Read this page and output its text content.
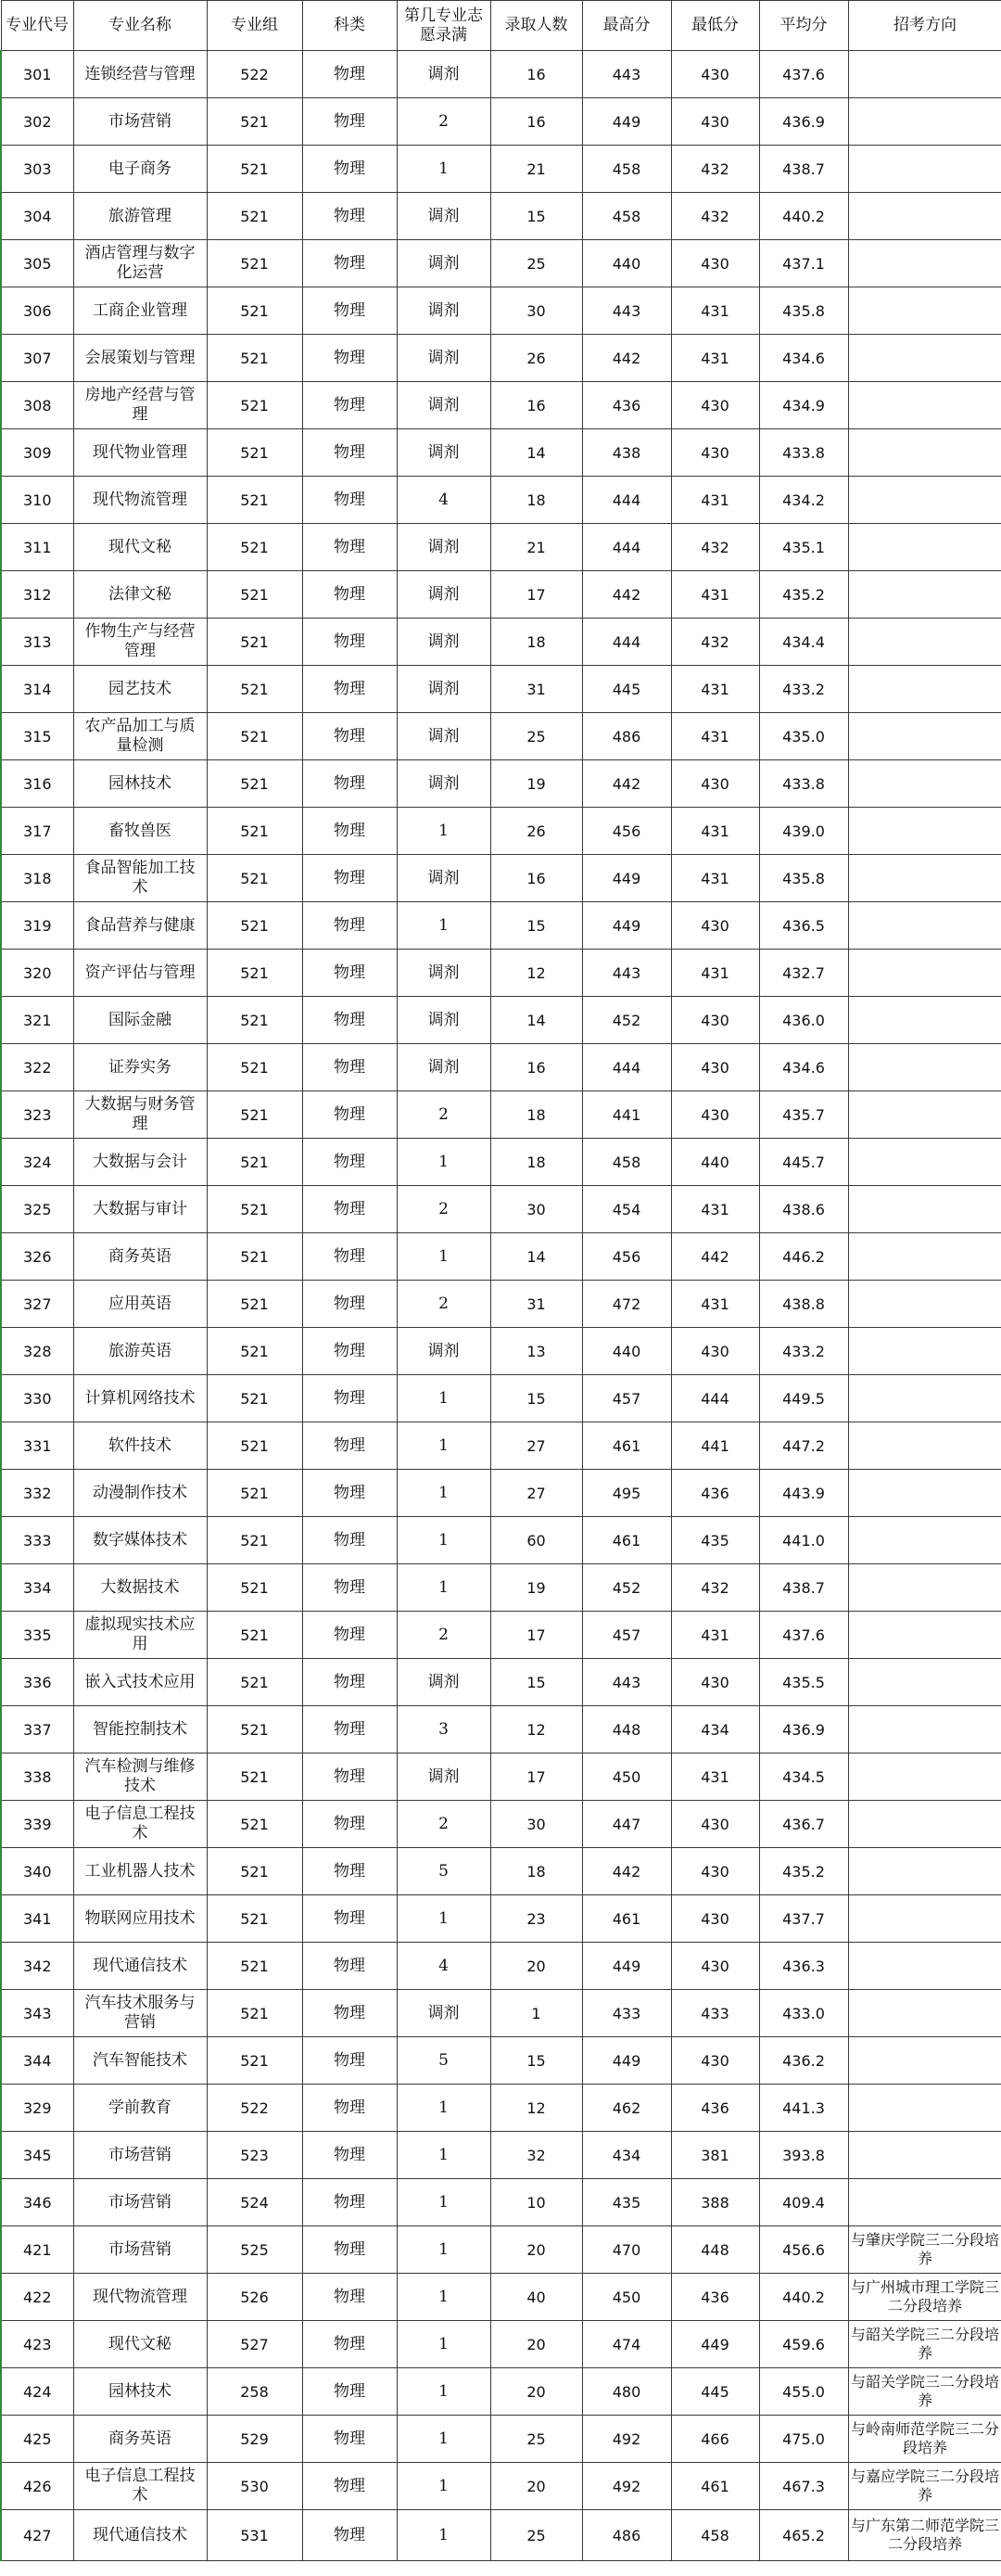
专业代号	专业名称	专业组	科类	第几专业志愿录满	录取人数	最高分	最低分	平均分	招考方向
301	连锁经营与管理	522	物理	调剂	16	443	430	437.6	
302	市场营销	521	物理	2	16	449	430	436.9	
303	电子商务	521	物理	1	21	458	432	438.7	
304	旅游管理	521	物理	调剂	15	458	432	440.2	
305	酒店管理与数字化运营	521	物理	调剂	25	440	430	437.1	
306	工商企业管理	521	物理	调剂	30	443	431	435.8	
307	会展策划与管理	521	物理	调剂	26	442	431	434.6	
308	房地产经营与管理	521	物理	调剂	16	436	430	434.9	
309	现代物业管理	521	物理	调剂	14	438	430	433.8	
310	现代物流管理	521	物理	4	18	444	431	434.2	
311	现代文秘	521	物理	调剂	21	444	432	435.1	
312	法律文秘	521	物理	调剂	17	442	431	435.2	
313	作物生产与经营管理	521	物理	调剂	18	444	432	434.4	
314	园艺技术	521	物理	调剂	31	445	431	433.2	
315	农产品加工与质量检测	521	物理	调剂	25	486	431	435.0	
316	园林技术	521	物理	调剂	19	442	430	433.8	
317	畜牧兽医	521	物理	1	26	456	431	439.0	
318	食品智能加工技术	521	物理	调剂	16	449	431	435.8	
319	食品营养与健康	521	物理	1	15	449	430	436.5	
320	资产评估与管理	521	物理	调剂	12	443	431	432.7	
321	国际金融	521	物理	调剂	14	452	430	436.0	
322	证券实务	521	物理	调剂	16	444	430	434.6	
323	大数据与财务管理	521	物理	2	18	441	430	435.7	
324	大数据与会计	521	物理	1	18	458	440	445.7	
325	大数据与审计	521	物理	2	30	454	431	438.6	
326	商务英语	521	物理	1	14	456	442	446.2	
327	应用英语	521	物理	2	31	472	431	438.8	
328	旅游英语	521	物理	调剂	13	440	430	433.2	
330	计算机网络技术	521	物理	1	15	457	444	449.5	
331	软件技术	521	物理	1	27	461	441	447.2	
332	动漫制作技术	521	物理	1	27	495	436	443.9	
333	数字媒体技术	521	物理	1	60	461	435	441.0	
334	大数据技术	521	物理	1	19	452	432	438.7	
335	虚拟现实技术应用	521	物理	2	17	457	431	437.6	
336	嵌入式技术应用	521	物理	调剂	15	443	430	435.5	
337	智能控制技术	521	物理	3	12	448	434	436.9	
338	汽车检测与维修技术	521	物理	调剂	17	450	431	434.5	
339	电子信息工程技术	521	物理	2	30	447	430	436.7	
340	工业机器人技术	521	物理	5	18	442	430	435.2	
341	物联网应用技术	521	物理	1	23	461	430	437.7	
342	现代通信技术	521	物理	4	20	449	430	436.3	
343	汽车技术服务与营销	521	物理	调剂	1	433	433	433.0	
344	汽车智能技术	521	物理	5	15	449	430	436.2	
329	学前教育	522	物理	1	12	462	436	441.3	
345	市场营销	523	物理	1	32	434	381	393.8	
346	市场营销	524	物理	1	10	435	388	409.4	
421	市场营销	525	物理	1	20	470	448	456.6	与肇庆学院三二分段培养
422	现代物流管理	526	物理	1	40	450	436	440.2	与广州城市理工学院三二分段培养
423	现代文秘	527	物理	1	20	474	449	459.6	与韶关学院三二分段培养
424	园林技术	258	物理	1	20	480	445	455.0	与韶关学院三二分段培养
425	商务英语	529	物理	1	25	492	466	475.0	与岭南师范学院三二分段培养
426	电子信息工程技术	530	物理	1	20	492	461	467.3	与嘉应学院三二分段培养
427	现代通信技术	531	物理	1	25	486	458	465.2	与广东第二师范学院三二分段培养
